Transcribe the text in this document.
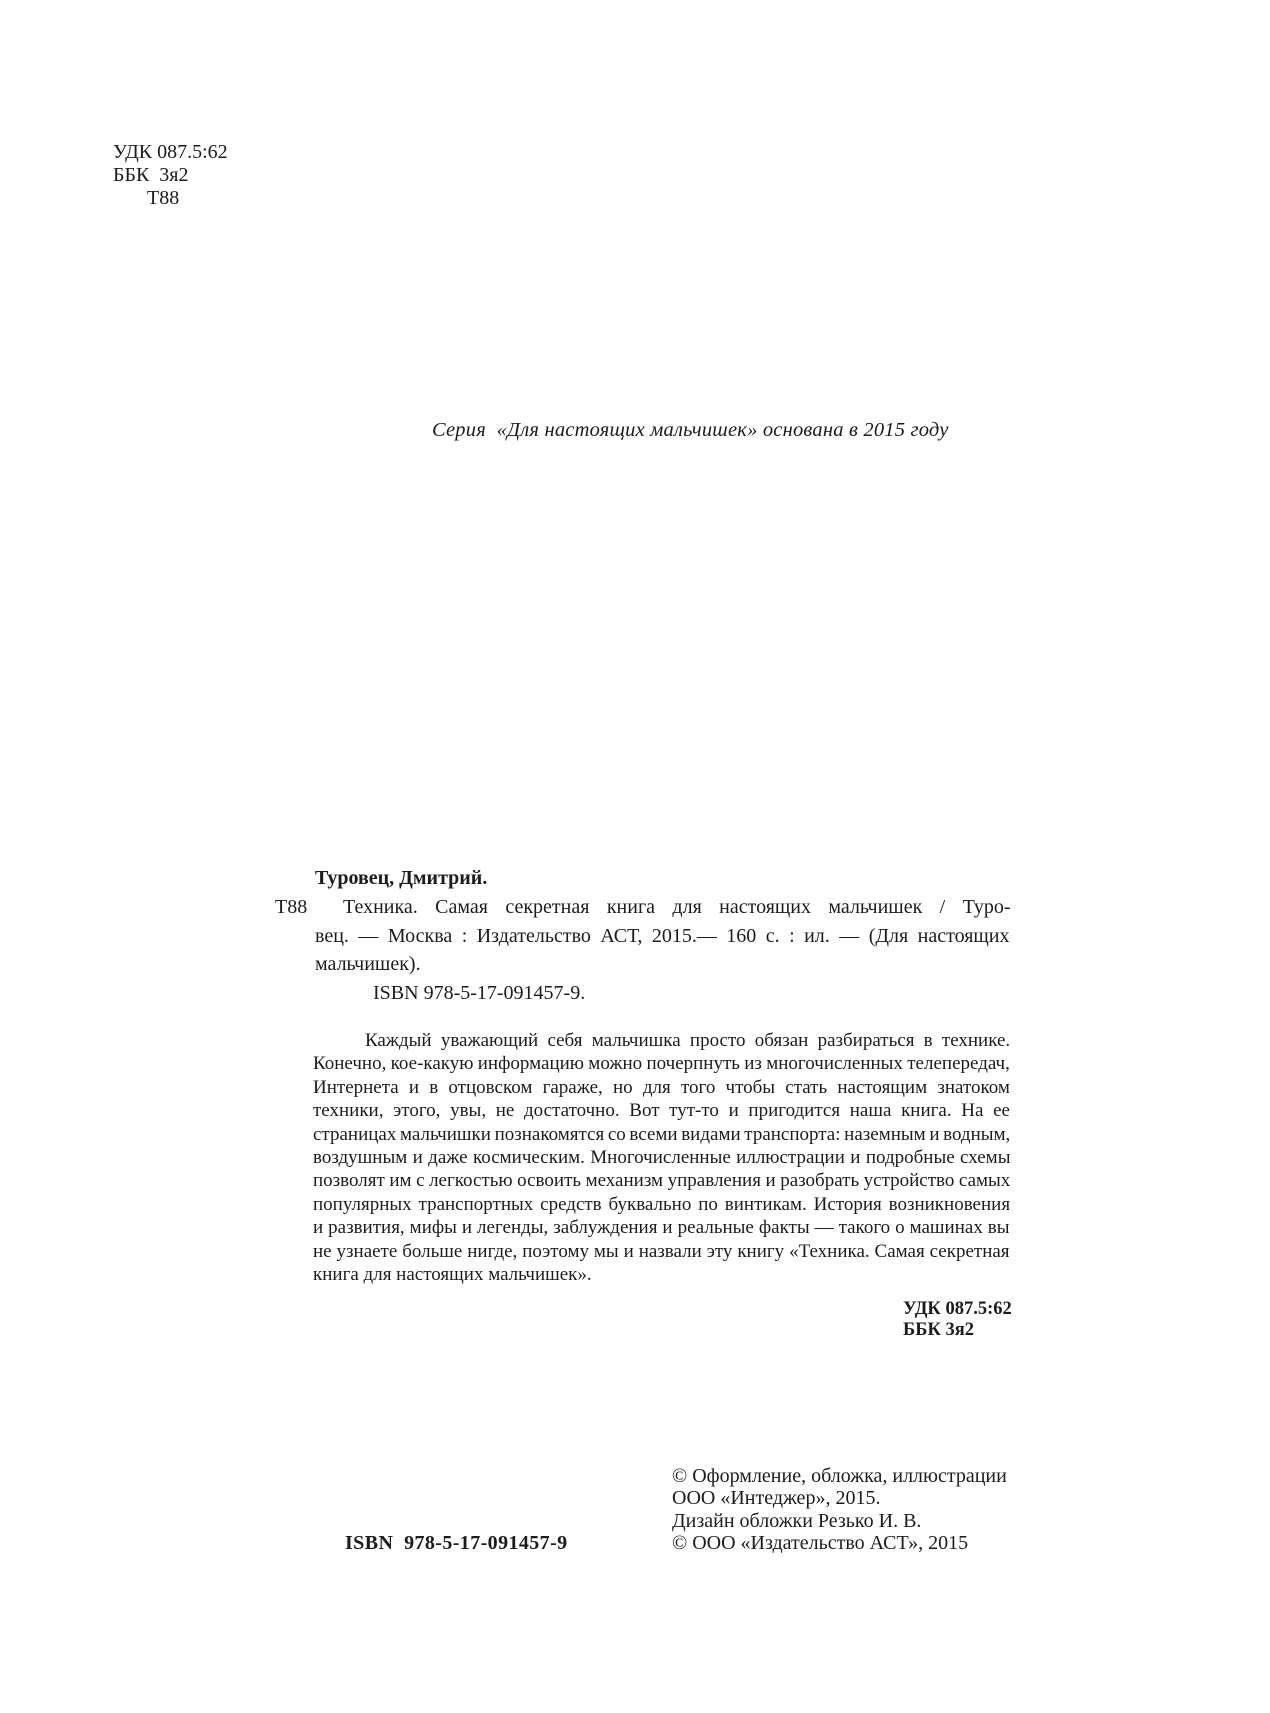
УДК 087.5:62
ББК  3я2
Т88
Серия  «Для настоящих мальчишек» основана в 2015 году
Т88
Туровец, Дмитрий.
Техника. Самая секретная книга для настоящих мальчишек / Туро-
вец. — Москва : Издательство АСТ, 2015.— 160 с. : ил. — (Для настоящих
мальчишек).
ISBN 978-5-17-091457-9.
Каждый уважающий себя мальчишка просто обязан разбираться в технике.
Конечно, кое-какую информацию можно почерпнуть из многочисленных телепередач,
Интернета и в отцовском гараже, но для того чтобы стать настоящим знатоком
техники, этого, увы, не достаточно. Вот тут-то и пригодится наша книга. На ее
страницах мальчишки познакомятся со всеми видами транспорта: наземным и водным,
воздушным и даже космическим. Многочисленные иллюстрации и подробные схемы
позволят им с легкостью освоить механизм управления и разобрать устройство самых
популярных транспортных средств буквально по винтикам. История возникновения
и развития, мифы и легенды, заблуждения и реальные факты — такого о машинах вы
не узнаете больше нигде, поэтому мы и назвали эту книгу «Техника. Самая секретная
книга для настоящих мальчишек».
УДК 087.5:62
ББК 3я2
ISBN  978-5-17-091457-9
© Оформление, обложка, иллюстрации
ООО «Интеджер», 2015.
Дизайн обложки Резько И. В.
© ООО «Издательство АСТ», 2015
